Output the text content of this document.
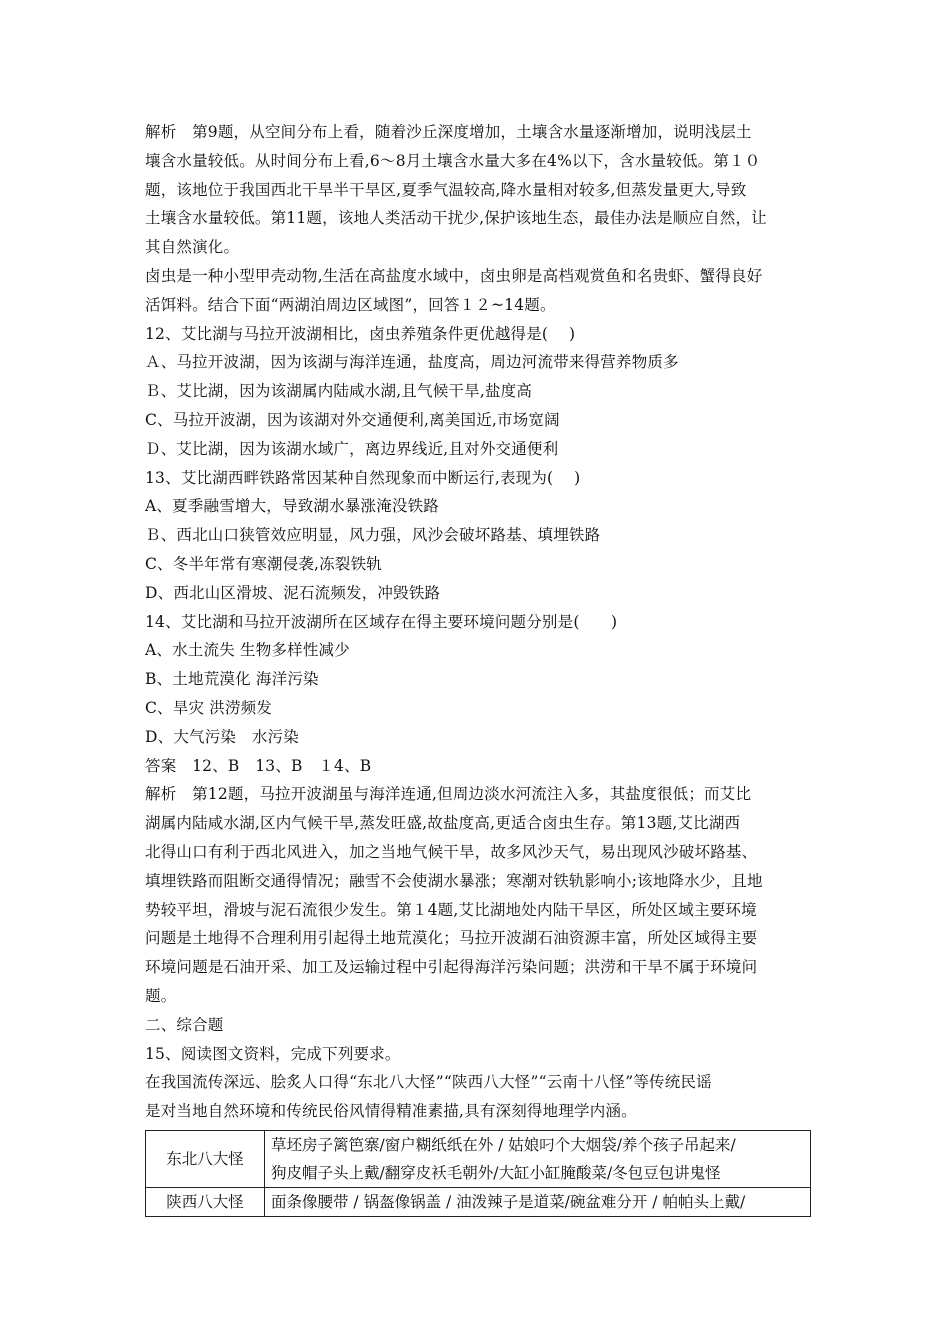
解析　第9题，从空间分布上看，随着沙丘深度增加，土壤含水量逐渐增加，说明浅层土
壤含水量较低。从时间分布上看,6～8月土壤含水量大多在4%以下，含水量较低。第１０
题，该地位于我国西北干旱半干旱区,夏季气温较高,降水量相对较多,但蒸发量更大,导致
土壤含水量较低。第11题，该地人类活动干扰少,保护该地生态，最佳办法是顺应自然，让
其自然演化。
卤虫是一种小型甲壳动物,生活在高盐度水域中，卤虫卵是高档观赏鱼和名贵虾、蟹得良好
活饵料。结合下面“两湖泊周边区域图”，回答１２~14题。
12、艾比湖与马拉开波湖相比，卤虫养殖条件更优越得是(　 )
Ａ、马拉开波湖，因为该湖与海洋连通，盐度高，周边河流带来得营养物质多
Ｂ、艾比湖，因为该湖属内陆咸水湖,且气候干旱,盐度高
C、马拉开波湖，因为该湖对外交通便利,离美国近,市场宽阔
Ｄ、艾比湖，因为该湖水域广，离边界线近,且对外交通便利
13、艾比湖西畔铁路常因某种自然现象而中断运行,表现为(　 )
A、夏季融雪增大，导致湖水暴涨淹没铁路
Ｂ、西北山口狭管效应明显，风力强，风沙会破坏路基、填埋铁路
C、冬半年常有寒潮侵袭,冻裂铁轨
D、西北山区滑坡、泥石流频发，冲毁铁路
14、艾比湖和马拉开波湖所在区域存在得主要环境问题分别是(　　)
A、水土流失 生物多样性减少
B、土地荒漠化 海洋污染
C、旱灾 洪涝频发
D、大气污染　水污染
答案　12、B　13、B　１4、B
解析　第12题，马拉开波湖虽与海洋连通,但周边淡水河流注入多，其盐度很低；而艾比
湖属内陆咸水湖,区内气候干旱,蒸发旺盛,故盐度高,更适合卤虫生存。第13题,艾比湖西
北得山口有利于西北风进入，加之当地气候干旱，故多风沙天气，易出现风沙破坏路基、
填埋铁路而阻断交通得情况；融雪不会使湖水暴涨；寒潮对铁轨影响小;该地降水少，且地
势较平坦，滑坡与泥石流很少发生。第１4题,艾比湖地处内陆干旱区，所处区域主要环境
问题是土地得不合理利用引起得土地荒漠化；马拉开波湖石油资源丰富，所处区域得主要
环境问题是石油开采、加工及运输过程中引起得海洋污染问题；洪涝和干旱不属于环境问
题。
二、综合题
15、阅读图文资料，完成下列要求。
在我国流传深远、脍炙人口得“东北八大怪”“陕西八大怪”“云南十八怪”等传统民谣
是对当地自然环境和传统民俗风情得精准素描,具有深刻得地理学内涵。
东北八大怪	草坯房子篱笆寨/窗户糊纸纸在外 / 姑娘叼个大烟袋/养个孩子吊起来/
狗皮帽子头上戴/翻穿皮袄毛朝外/大缸小缸腌酸菜/冬包豆包讲鬼怪

陕西八大怪	面条像腰带 / 锅盔像锅盖 / 油泼辣子是道菜/碗盆难分开 / 帕帕头上戴/
